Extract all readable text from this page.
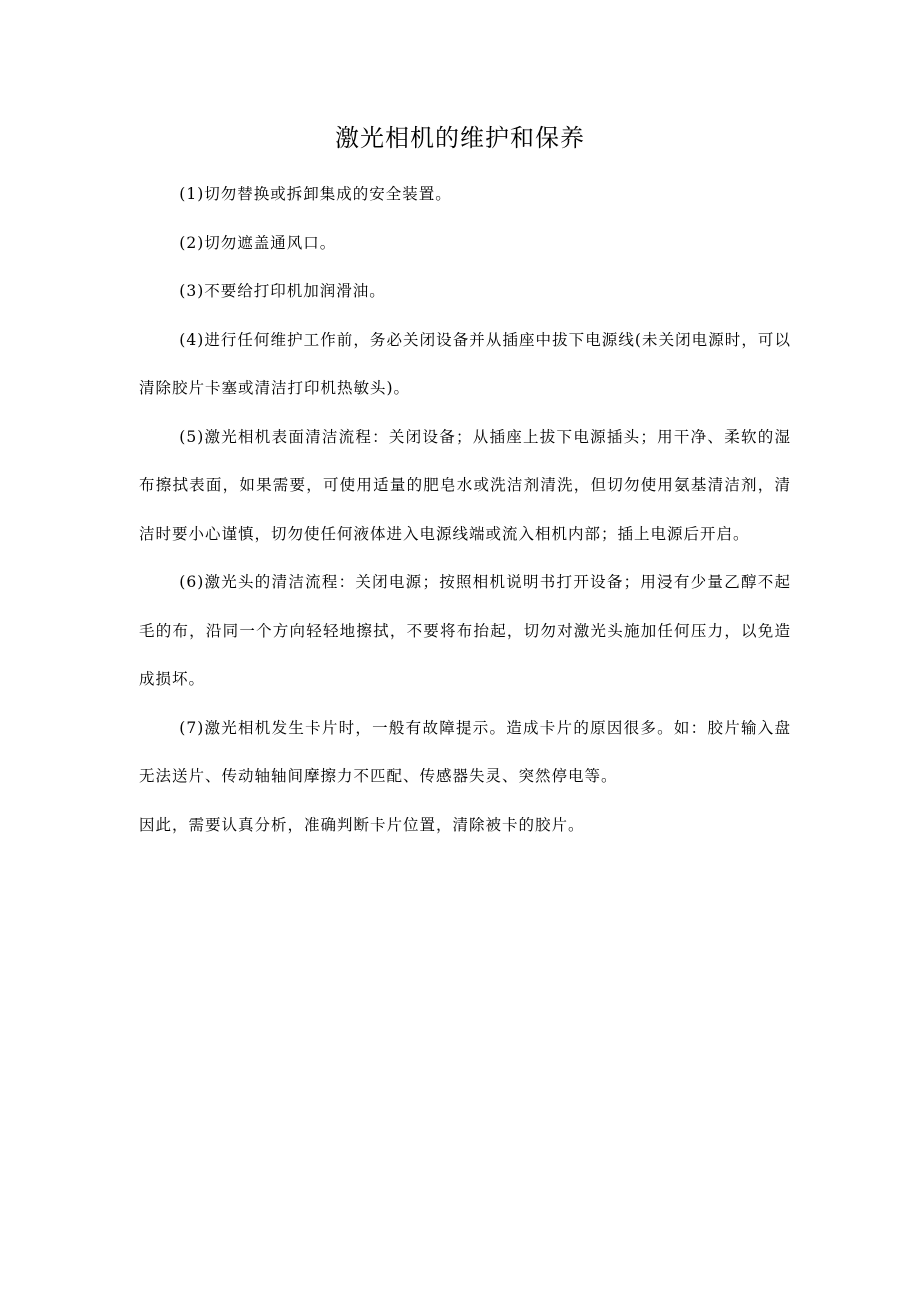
激光相机的维护和保养

(1)切勿替换或拆卸集成的安全装置。

(2)切勿遮盖通风口。

(3)不要给打印机加润滑油。

(4)进行任何维护工作前，务必关闭设备并从插座中拔下电源线(未关闭电源时，可以清除胶片卡塞或清洁打印机热敏头)。

(5)激光相机表面清洁流程：关闭设备；从插座上拔下电源插头；用干净、柔软的湿布擦拭表面，如果需要，可使用适量的肥皂水或洗洁剂清洗，但切勿使用氨基清洁剂，清洁时要小心谨慎，切勿使任何液体进入电源线端或流入相机内部；插上电源后开启。

(6)激光头的清洁流程：关闭电源；按照相机说明书打开设备；用浸有少量乙醇不起毛的布，沿同一个方向轻轻地擦拭，不要将布抬起，切勿对激光头施加任何压力，以免造成损坏。

(7)激光相机发生卡片时，一般有故障提示。造成卡片的原因很多。如：胶片输入盘无法送片、传动轴轴间摩擦力不匹配、传感器失灵、突然停电等。

因此，需要认真分析，准确判断卡片位置，清除被卡的胶片。
